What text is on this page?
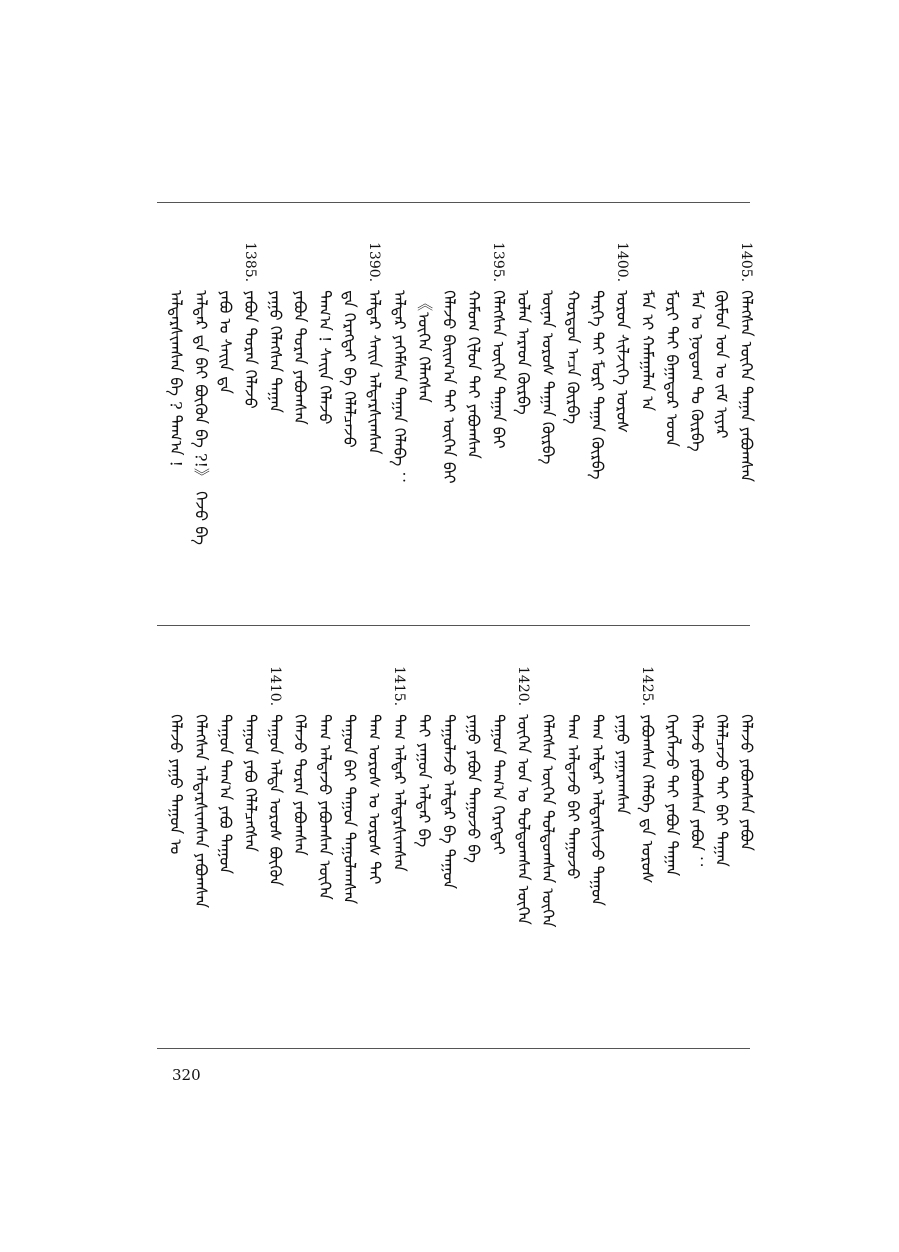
1405.ᠬᠡᠯᠡᠭᠰᠡᠨ ᠦᠭᠡᠨ ᠳᠠᠭᠠᠨ ᠶᠠᠪᠤᠭᠰᠠᠨ
ᠬᠦᠮᠦᠨ ᠤᠨ ᠤ ᠵᠠᠮ ᠢᠶᠠᠷ
ᠮᠠᠨ ᠤ ᠨᠤᠲᠤᠭ ᠲᠤ ᠬᠦᠷᠪᠡ
ᠮᠣᠷᠢ ᠲᠠᠢ ᠪᠠᠭᠠᠲᠤᠷ ᠤᠳ
ᠮᠠᠨ ᠢ ᠬᠠᠮᠠᠭᠠᠯᠠᠨ ᠠ
1400.ᠤᠷᠤᠨ ᠰᠢᠯᠵᠢᠭᠡ ᠤᠷᠤᠰ
ᠲᠡᠷᠭᠡ ᠲᠠᠢ ᠮᠣᠷᠢ ᠳᠠᠭᠠᠨ ᠬᠦᠷᠪᠡ
ᠬᠤᠷᠳᠤᠨ ᠠᠴᠠ ᠬᠦᠷᠪᠡ
ᠦᠨᠡᠨ ᠤᠷᠤᠰ ᠳᠠᠭᠠᠨ ᠬᠦᠷᠪᠡ
ᠤᠯᠠᠨ ᠠᠷᠠᠳ ᠬᠦᠷᠪᠡ
1395.ᠬᠡᠯᠡᠭᠰᠡᠨ ᠦᠭᠡᠨ ᠳᠠᠭᠠᠨ ᠪᠠᠢ
ᠬᠠᠮᠤᠭ ᠬᠢᠯᠦᠨ ᠲᠠᠢ ᠶᠠᠪᠤᠭᠰᠠᠨ
ᠬᠡᠯᠡᠵᠦ ᠪᠠᠢᠭ᠎ᠠ ᠲᠠᠢ ᠦᠭᠡᠨ ᠪᠠᠢ
《ᠦᠭᠡᠨ ᠬᠡᠯᠡᠭᠰᠡᠨ
ᠠᠯᠳᠠᠷ ᠶᠡᠬᠡᠮᠰᠡᠨ ᠳᠠᠭᠠᠨ ᠬᠡᠯᠡᠪᠡ ：
1390.ᠠᠯᠳᠠᠷ ᠰᠠᠢᠨ ᠠᠯᠳᠠᠷᠰᠢᠭᠰᠠᠨ
ᠳᠠ ᠬᠡᠷᠡᠭᠲᠡᠢ ᠪᠠ ᠬᠡᠯᠡᠯᠴᠡᠵᠦ
ᠳᠠᠭ᠎ᠠ ! ᠰᠠᠢᠨ ᠬᠡᠯᠡᠵᠦ
ᠶᠠᠪᠤᠨ ᠳᠤᠷᠠᠨ ᠶᠠᠪᠤᠭᠰᠠᠨ
ᠶᠠᠭᠤ ᠬᠡᠯᠡᠭᠰᠡᠨ ᠳᠠᠭᠠᠨ
1385.ᠶᠠᠪᠤᠨ ᠳᠤᠷᠠᠨ ᠬᠡᠯᠡᠵᠦ
ᠶᠠᠪᠤ ᠣ ᠰᠠᠢᠨ ᠳᠠ
ᠠᠯᠳᠠᠷ ᠳᠠ ᠪᠠᠢ ᠪᠦᠬᠦᠨ ᠪᠠ ?!》 ᠭᠡᠵᠦ ᠪᠠ
ᠠᠯᠳᠠᠷᠰᠢᠭᠰᠠᠨ ᠪᠠ ? ᠳᠠᠭ᠎ᠠ !
ᠬᠡᠯᠡᠵᠦ ᠶᠠᠪᠤᠭᠰᠠᠨ ᠶᠠᠪᠤᠨ
ᠬᠡᠯᠡᠯᠴᠡᠵᠦ ᠲᠠᠢ ᠪᠠᠢ ᠳᠠᠭᠠᠨ
ᠬᠡᠯᠡᠵᠦ ᠶᠠᠪᠤᠭᠰᠠᠨ ᠶᠠᠪᠤᠨ ：
ᠬᠡᠷᠡᠭᠯᠡᠵᠦ ᠲᠠᠢ ᠶᠠᠪᠤᠨ ᠳᠠᠭᠠᠨ
1425.ᠶᠠᠪᠤᠭᠰᠠᠨ ᠬᠡᠯᠡᠪᠡ ᠳᠠ ᠤᠷᠤᠰ
ᠶᠠᠭᠤ ᠶᠠᠭᠠᠷᠠᠭᠰᠠᠨ
ᠳᠠᠭ ᠠᠯᠳᠠᠷ ᠠᠯᠳᠠᠷᠰᠢᠵᠦ ᠳᠠᠭᠤᠨ
ᠳᠠᠭ ᠠᠯᠳᠠᠵᠦ ᠪᠠᠢ ᠳᠠᠭᠤᠵᠦ
ᠬᠡᠯᠡᠭᠰᠡᠨ ᠦᠭᠡᠨ ᠳᠤᠯᠳᠤᠭᠰᠠᠨ ᠦᠭᠡᠨ
1420.ᠦᠭᠡᠨ ᠤᠨ ᠤ ᠳᠤᠯᠳᠤᠭᠰᠠᠨ ᠦᠭᠡᠨ
ᠳᠠᠭᠤᠨ ᠳᠠᠭ᠎ᠠ ᠬᠡᠷᠡᠭᠲᠡᠢ
ᠶᠠᠭᠤ ᠶᠠᠪᠤᠨ ᠳᠠᠭᠤᠵᠦ ᠪᠠ
ᠳᠠᠭᠤᠯᠠᠵᠦ ᠠᠯᠳᠠᠷ ᠪᠠ ᠳᠠᠭᠤᠨ
ᠳᠠᠢ ᠶᠠᠭᠤᠨ ᠠᠯᠳᠠᠷ ᠪᠠ
1415.ᠳᠠᠭ ᠠᠯᠳᠠᠷ ᠠᠯᠳᠠᠷᠰᠢᠭᠰᠠᠨ
ᠳᠠᠭ ᠤᠷᠤᠰ ᠣ ᠤᠷᠤᠰ ᠳᠠᠢ
ᠳᠠᠭᠤᠨ ᠪᠠᠢ ᠳᠠᠭᠤᠨ ᠳᠠᠭᠤᠯᠠᠭᠰᠠᠨ
ᠳᠠᠭ ᠠᠯᠳᠠᠵᠦ ᠶᠠᠪᠤᠭᠰᠠᠨ ᠦᠭᠡᠨ
ᠬᠡᠯᠡᠵᠦ ᠳᠤᠷᠠᠨ ᠶᠠᠪᠤᠭᠰᠠᠨ
1410.ᠳᠠᠭᠤᠨ ᠠᠯᠳᠠ ᠤᠷᠤᠰ ᠪᠦᠬᠦᠨ
ᠳᠠᠭᠤᠨ ᠶᠠᠪᠤ ᠬᠡᠯᠡᠯᠴᠡᠭᠰᠡᠨ
ᠳᠠᠭᠤᠨ ᠳᠠᠭ᠎ᠠ ᠶᠠᠪᠤ ᠳᠠᠭᠤᠨ
ᠬᠡᠯᠡᠭᠰᠡᠨ ᠠᠯᠳᠠᠷᠰᠢᠭᠰᠠᠨ ᠶᠠᠪᠤᠭᠰᠠᠨ
ᠬᠡᠯᠡᠵᠦ ᠶᠠᠭᠤ ᠳᠠᠭᠤᠨ ᠤ
320
